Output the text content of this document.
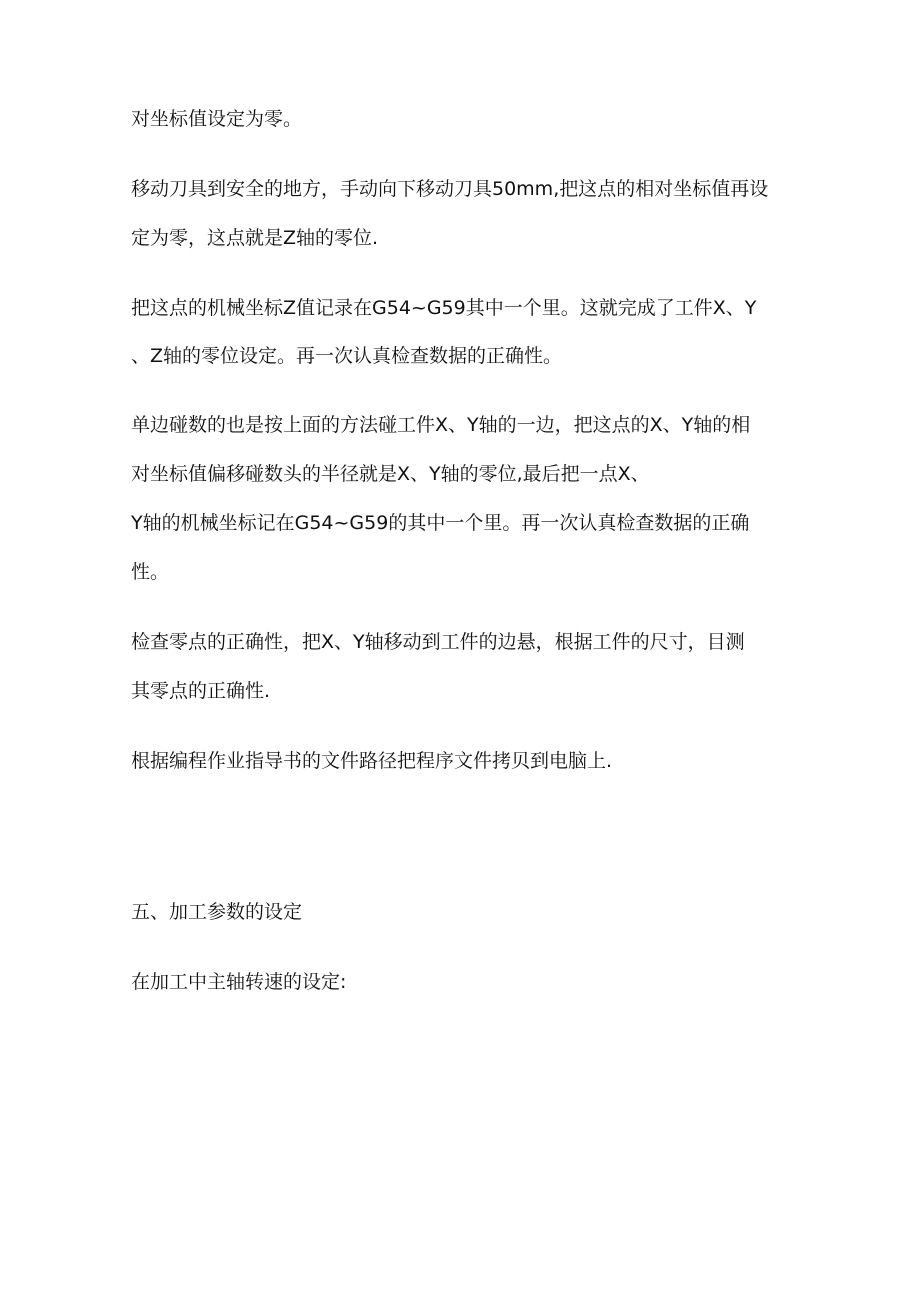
对坐标值设定为零。
移动刀具到安全的地方，手动向下移动刀具50mm,把这点的相对坐标值再设
定为零，这点就是Z轴的零位.
把这点的机械坐标Z值记录在G54~G59其中一个里。这就完成了工件X、Y
、Z轴的零位设定。再一次认真检查数据的正确性。
单边碰数的也是按上面的方法碰工件X、Y轴的一边，把这点的X、Y轴的相
对坐标值偏移碰数头的半径就是X、Y轴的零位,最后把一点X、
Y轴的机械坐标记在G54~G59的其中一个里。再一次认真检查数据的正确
性。
检查零点的正确性，把X、Y轴移动到工件的边悬，根据工件的尺寸，目测
其零点的正确性.
根据编程作业指导书的文件路径把程序文件拷贝到电脑上.
五、加工参数的设定
在加工中主轴转速的设定:
